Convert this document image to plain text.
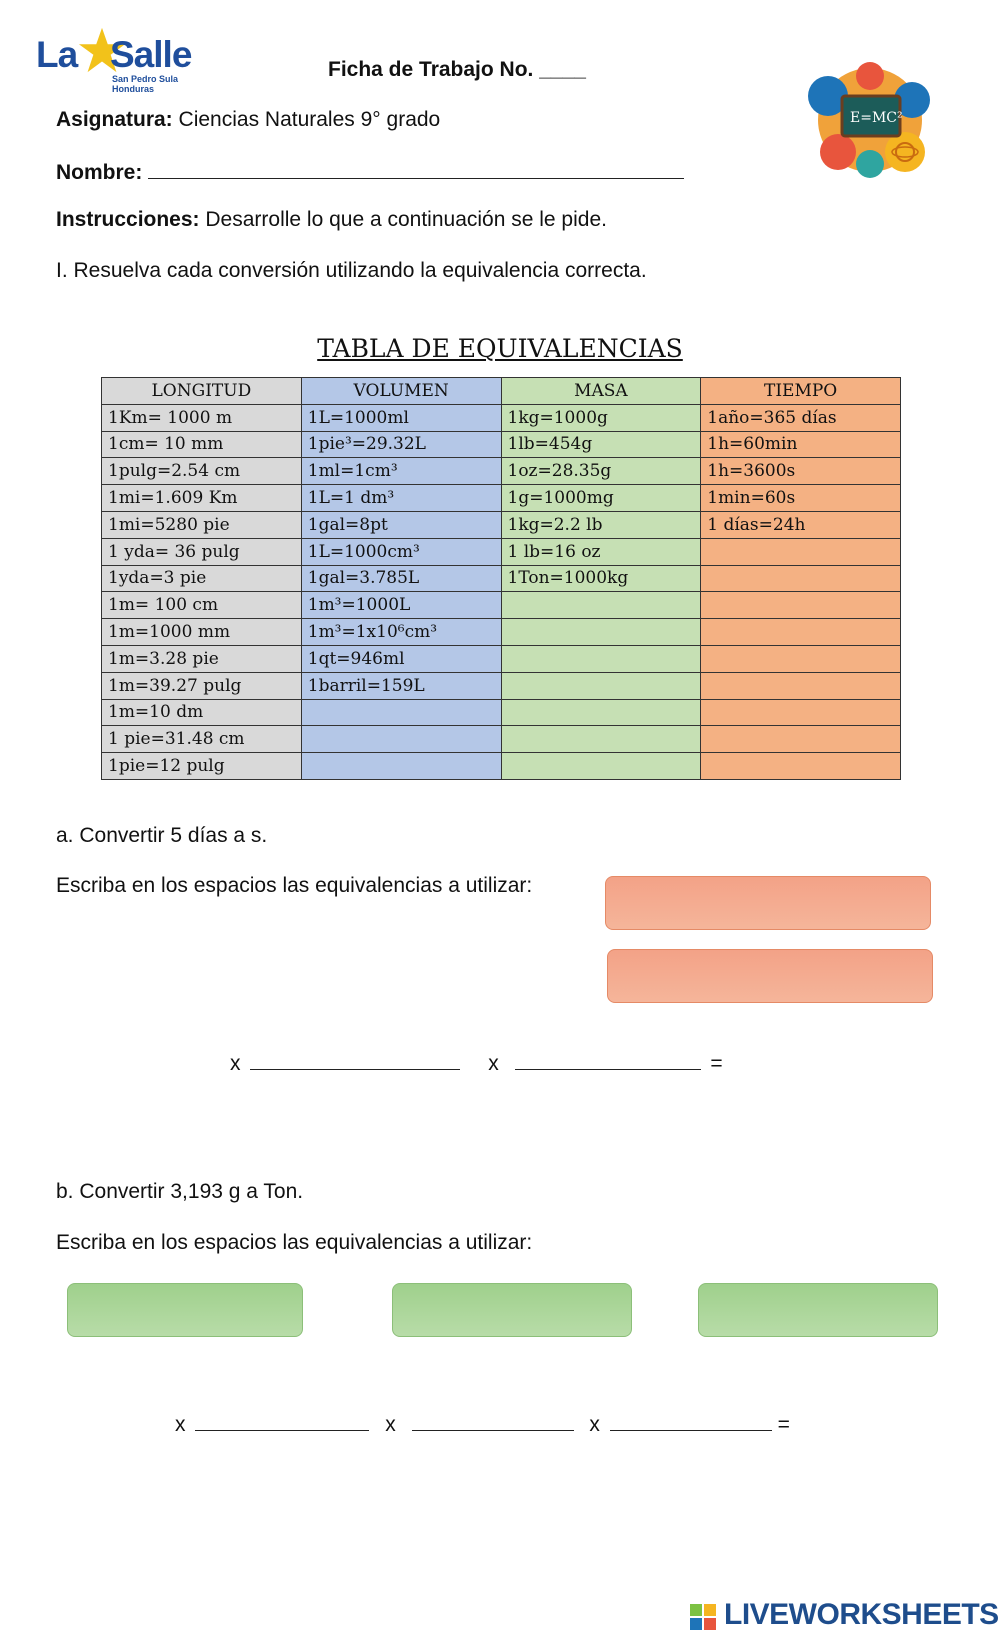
La Salle
San Pedro Sula
Honduras
Ficha de Trabajo No. ____
E=MC²
Asignatura: Ciencias Naturales 9° grado
Nombre:
Instrucciones: Desarrolle lo que a continuación se le pide.
I. Resuelva cada conversión utilizando la equivalencia correcta.
TABLA DE EQUIVALENCIAS
LONGITUD	VOLUMEN	MASA	TIEMPO
1Km= 1000 m	1L=1000ml	1kg=1000g	1año=365 días
1cm= 10 mm	1pie³=29.32L	1lb=454g	1h=60min
1pulg=2.54 cm	1ml=1cm³	1oz=28.35g	1h=3600s
1mi=1.609 Km	1L=1 dm³	1g=1000mg	1min=60s
1mi=5280 pie	1gal=8pt	1kg=2.2 lb	1 días=24h
1 yda= 36 pulg	1L=1000cm³	1 lb=16 oz	
1yda=3 pie	1gal=3.785L	1Ton=1000kg	
1m= 100 cm	1m³=1000L		
1m=1000 mm	1m³=1x10⁶cm³		
1m=3.28 pie	1qt=946ml		
1m=39.27 pulg	1barril=159L		
1m=10 dm			
1 pie=31.48 cm			
1pie=12 pulg			
a. Convertir 5 días a s.
Escriba en los espacios las equivalencias a utilizar:
x	x	=
b. Convertir 3,193 g a Ton.
Escriba en los espacios las equivalencias a utilizar:
x	x	x	=
LIVEWORKSHEETS
